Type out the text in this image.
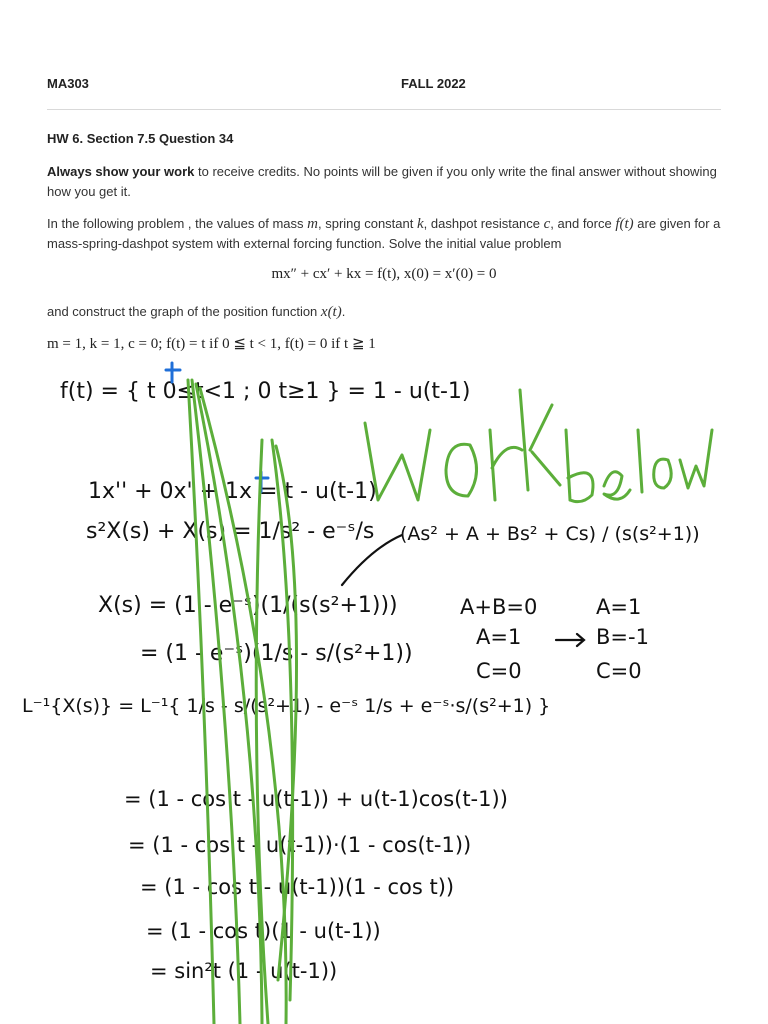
MA303	FALL 2022
HW 6. Section 7.5 Question 34
Always show your work to receive credits. No points will be given if you only write the final answer without showing how you get it.
In the following problem , the values of mass m, spring constant k, dashpot resistance c, and force f(t) are given for a mass-spring-dashpot system with external forcing function. Solve the initial value problem
mx″ + cx′ + kx = f(t), x(0) = x′(0) = 0
and construct the graph of the position function x(t).
m = 1, k = 1, c = 0; f(t) = t if 0 ≦ t < 1, f(t) = 0 if t ≧ 1
f(t) = { t 0≤t<1 ; 0 t≥1 } = 1 - u(t-1)
1x'' + 0x' + 1x = t - u(t-1)
s²X(s) + X(s) = 1/s² - e⁻ˢ/s (As² + A + Bs² + Cs) / (s(s²+1))
X(s) = (1 - e⁻ˢ)(1/(s(s²+1)))
= (1 - e⁻ˢ)(1/s - s/(s²+1))
L⁻¹{X(s)} = L⁻¹{ 1/s - s/(s²+1) - e⁻ˢ 1/s + e⁻ˢ·s/(s²+1) }
A+B=0
A=1
C=0
A=1
B=-1
C=0
= (1 - cos t - u(t-1)) + u(t-1)cos(t-1))
= (1 - cos t - u(t-1))·(1 - cos(t-1))
= (1 - cos t - u(t-1))(1 - cos t))
= (1 - cos t)(1 - u(t-1))
= sin²t (1 - u(t-1))
